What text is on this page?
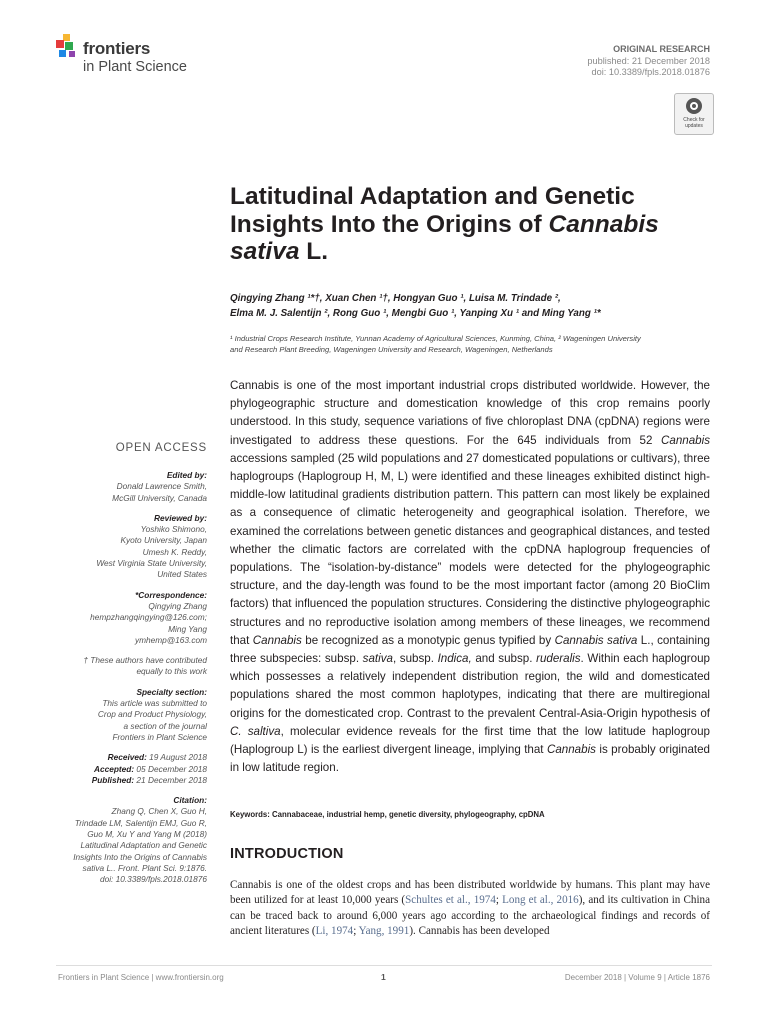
frontiers
in Plant Science
ORIGINAL RESEARCH
published: 21 December 2018
doi: 10.3389/fpls.2018.01876
Check for
updates
Latitudinal Adaptation and Genetic Insights Into the Origins of Cannabis
sativa L.
Qingying Zhang ¹*†, Xuan Chen ¹†, Hongyan Guo ¹, Luisa M. Trindade ²,
Elma M. J. Salentijn ², Rong Guo ¹, Mengbi Guo ¹, Yanping Xu ¹ and Ming Yang ¹*
¹ Industrial Crops Research Institute, Yunnan Academy of Agricultural Sciences, Kunming, China, ² Wageningen University
and Research Plant Breeding, Wageningen University and Research, Wageningen, Netherlands
OPEN ACCESS
Edited by:
Donald Lawrence Smith,
McGill University, Canada
Reviewed by:
Yoshiko Shimono,
Kyoto University, Japan
Umesh K. Reddy,
West Virginia State University,
United States
*Correspondence:
Qingying Zhang
hempzhangqingying@126.com;
Ming Yang
ymhemp@163.com
† These authors have contributed
equally to this work
Specialty section:
This article was submitted to
Crop and Product Physiology,
a section of the journal
Frontiers in Plant Science
Received: 19 August 2018
Accepted: 05 December 2018
Published: 21 December 2018
Citation:
Zhang Q, Chen X, Guo H,
Trindade LM, Salentijn EMJ, Guo R,
Guo M, Xu Y and Yang M (2018)
Latitudinal Adaptation and Genetic
Insights Into the Origins of Cannabis
sativa L.. Front. Plant Sci. 9:1876.
doi: 10.3389/fpls.2018.01876
Cannabis is one of the most important industrial crops distributed worldwide. However, the phylogeographic structure and domestication knowledge of this crop remains poorly understood. In this study, sequence variations of five chloroplast DNA (cpDNA) regions were investigated to address these questions. For the 645 individuals from 52 Cannabis accessions sampled (25 wild populations and 27 domesticated populations or cultivars), three haplogroups (Haplogroup H, M, L) were identified and these lineages exhibited distinct high-middle-low latitudinal gradients distribution pattern. This pattern can most likely be explained as a consequence of climatic heterogeneity and geographical isolation. Therefore, we examined the correlations between genetic distances and geographical distances, and tested whether the climatic factors are correlated with the cpDNA haplogroup frequencies of populations. The “isolation-by-distance” models were detected for the phylogeographic structure, and the day-length was found to be the most important factor (among 20 BioClim factors) that influenced the population structures. Considering the distinctive phylogeographic structures and no reproductive isolation among members of these lineages, we recommend that Cannabis be recognized as a monotypic genus typified by Cannabis sativa L., containing three subspecies: subsp. sativa, subsp. Indica, and subsp. ruderalis. Within each haplogroup which possesses a relatively independent distribution region, the wild and domesticated populations shared the most common haplotypes, indicating that there are multiregional origins for the domesticated crop. Contrast to the prevalent Central-Asia-Origin hypothesis of C. saltiva, molecular evidence reveals for the first time that the low latitude haplogroup (Haplogroup L) is the earliest divergent lineage, implying that Cannabis is probably originated in low latitude region.
Keywords: Cannabaceae, industrial hemp, genetic diversity, phylogeography, cpDNA
INTRODUCTION
Cannabis is one of the oldest crops and has been distributed worldwide by humans. This plant may have been utilized for at least 10,000 years (Schultes et al., 1974; Long et al., 2016), and its cultivation in China can be traced back to around 6,000 years ago according to the archaeological findings and records of ancient literatures (Li, 1974; Yang, 1991). Cannabis has been developed
Frontiers in Plant Science | www.frontiersin.org	1	December 2018 | Volume 9 | Article 1876
